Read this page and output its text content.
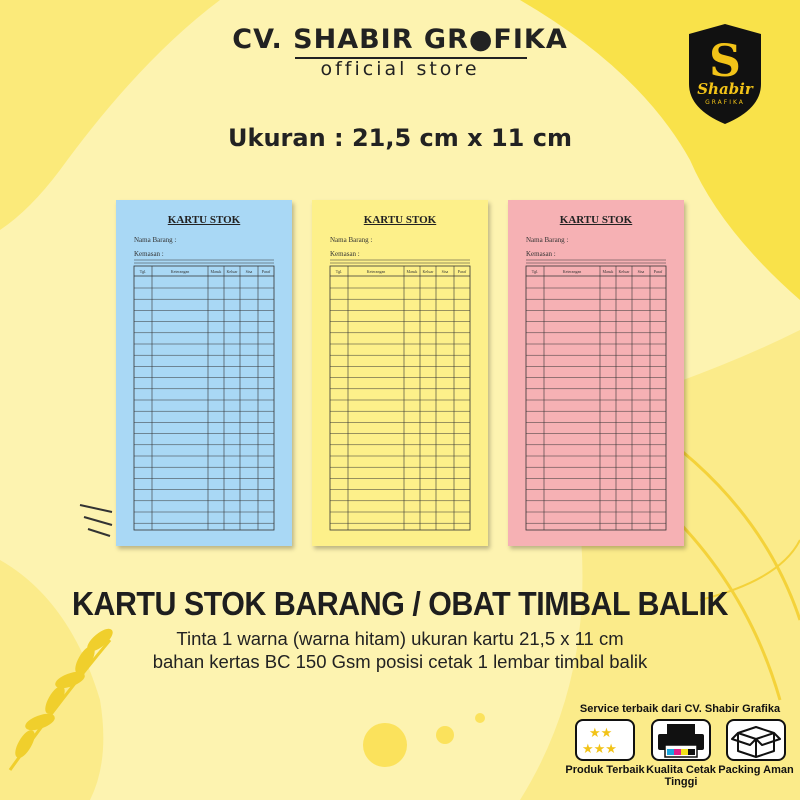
CV. SHABIR GR●FIKA
official store	S
Shabir
GRAFIKA
Ukuran : 21,5 cm x 11 cm
KARTU STOK
Nama Barang :
Kemasan :
Tgl.	Keterangan	Masuk Keluar Sisa Paraf
KARTU STOK
Nama Barang :
Kemasan :
Tgl.	Keterangan	Masuk Keluar Sisa Paraf
KARTU STOK
Nama Barang :
Kemasan :
Tgl.	Keterangan	Masuk Keluar Sisa Paraf
KARTU STOK BARANG / OBAT TIMBAL BALIK
Tinta 1 warna (warna hitam) ukuran kartu 21,5 x 11 cm
bahan kertas BC 150 Gsm posisi cetak 1 lembar timbal balik
Service terbaik dari CV. Shabir Grafika
★★
★★★
Produk Terbaik Kualita Cetak Tinggi
Packing Aman
